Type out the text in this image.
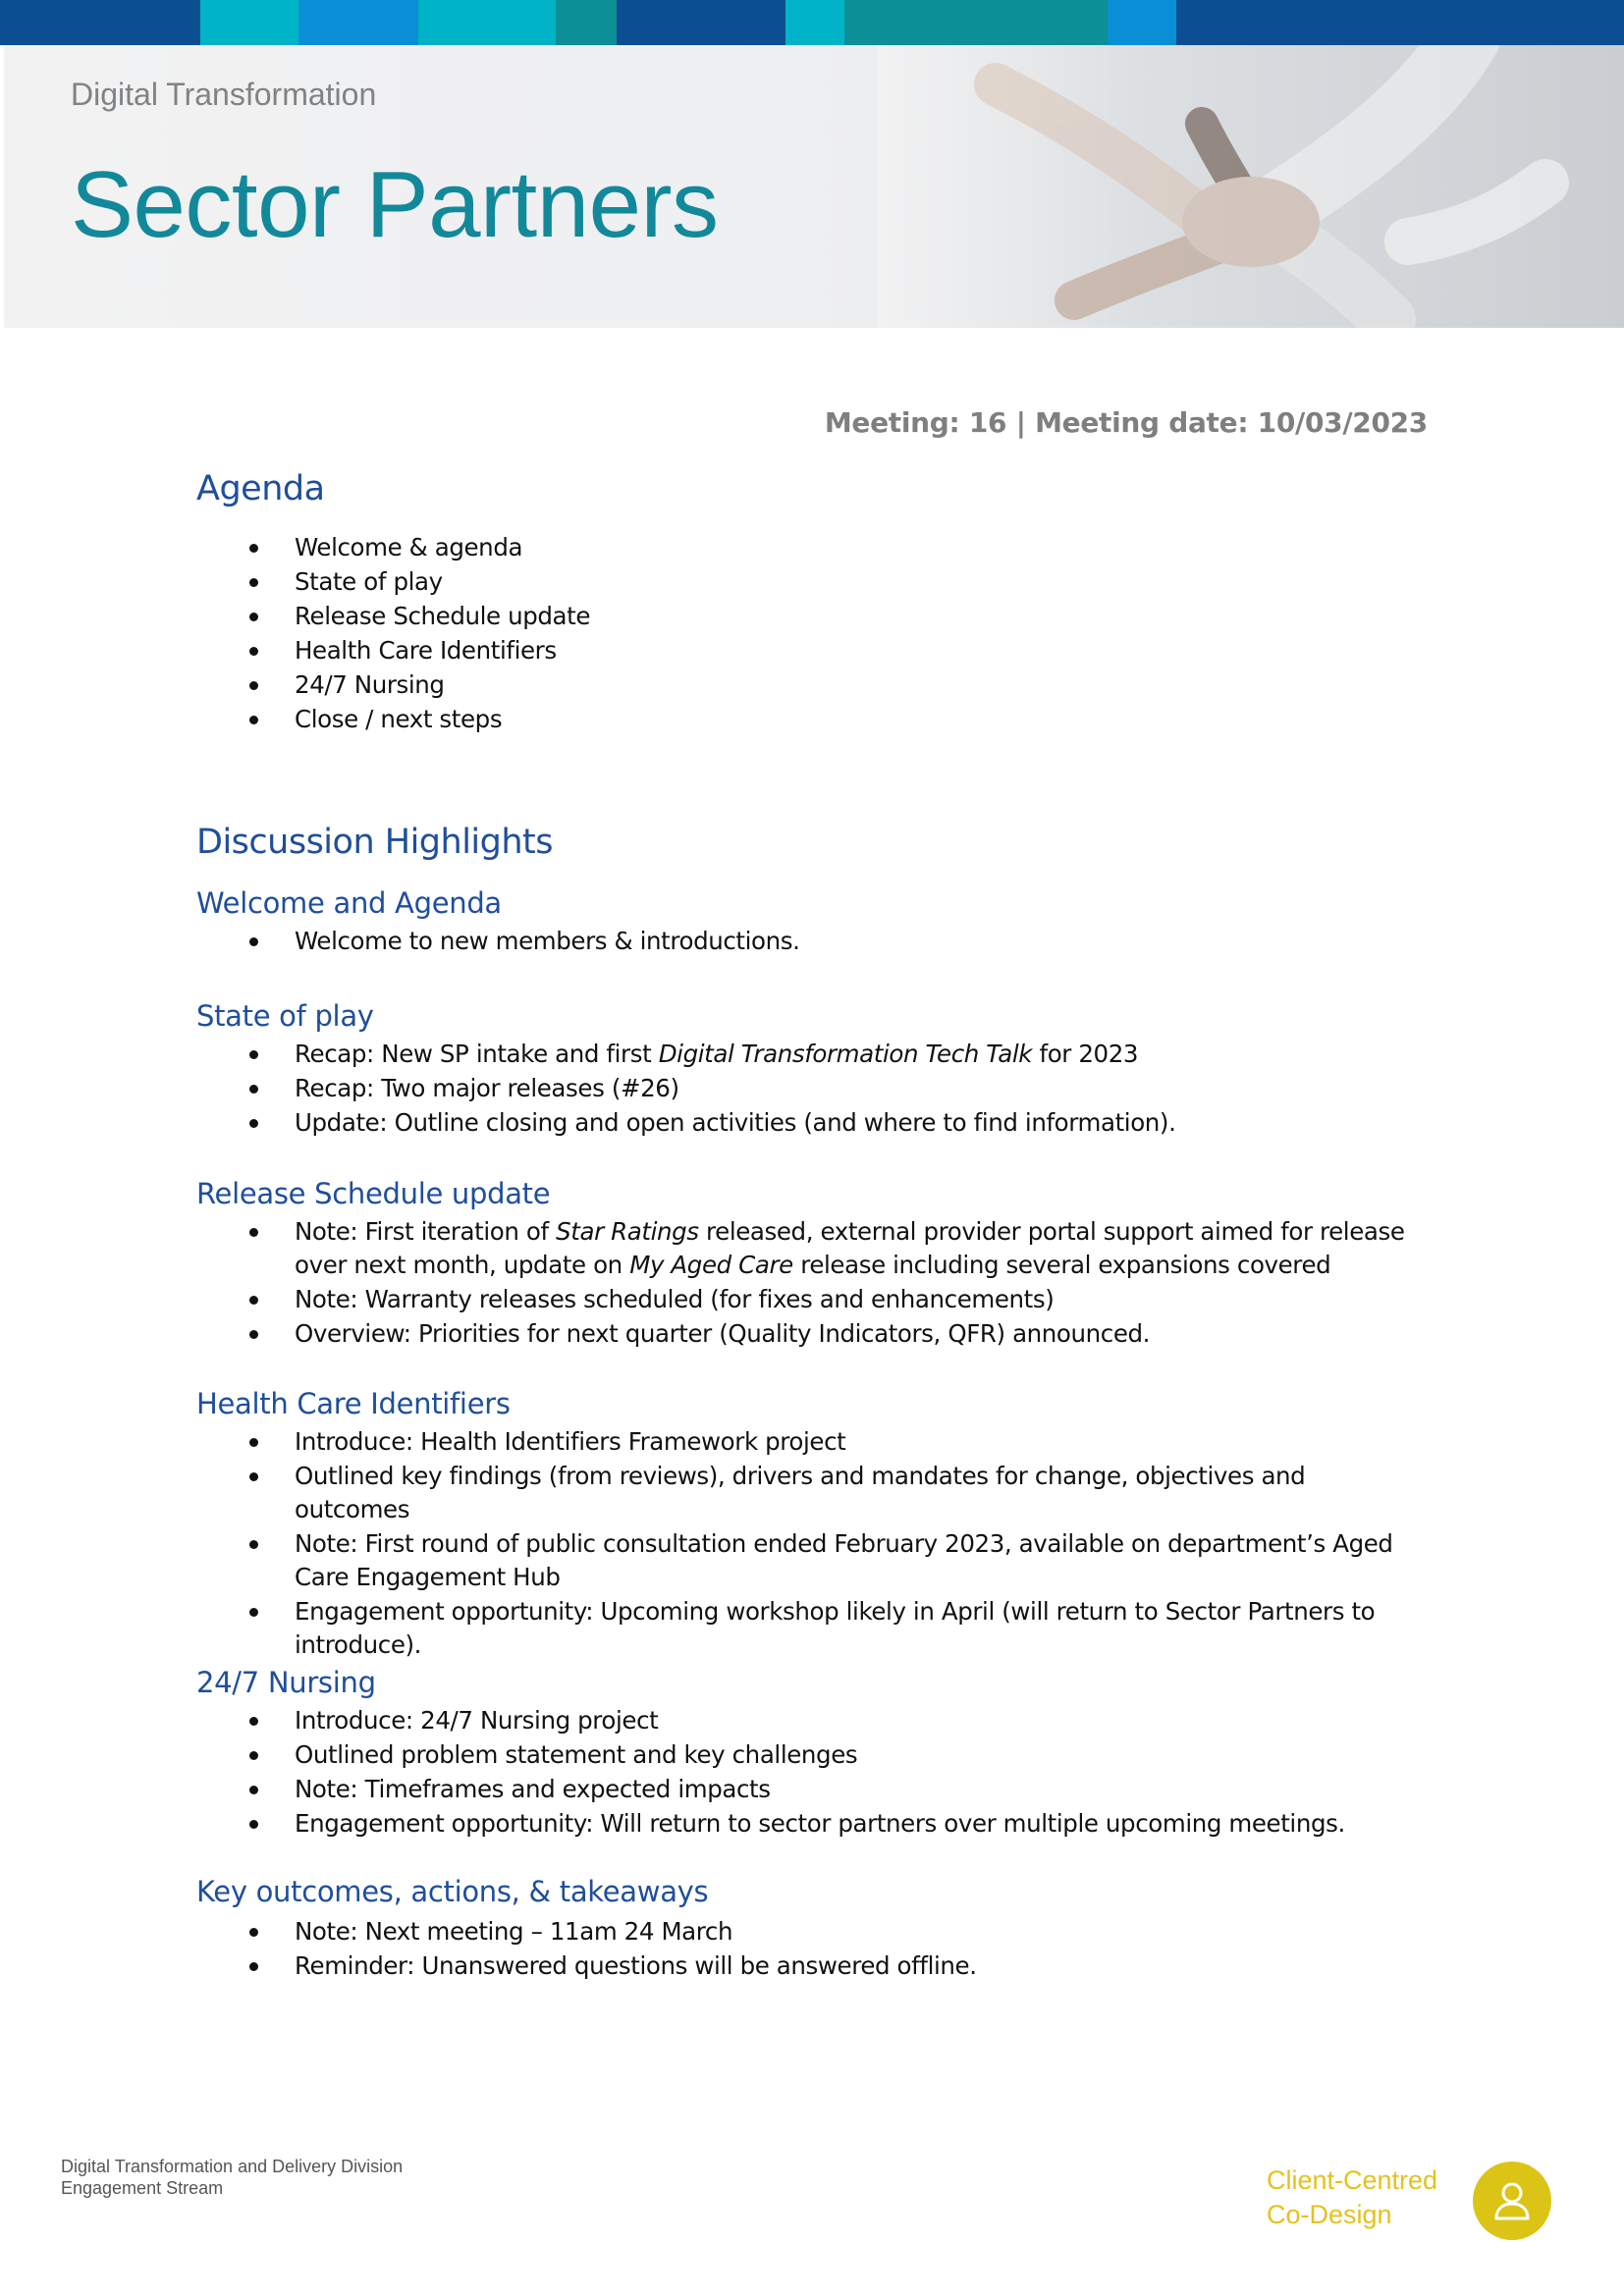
Digital Transformation
Sector Partners
Meeting: 16 | Meeting date: 10/03/2023
Agenda
Welcome & agenda
State of play
Release Schedule update
Health Care Identifiers
24/7 Nursing
Close / next steps
Discussion Highlights
Welcome and Agenda
Welcome to new members & introductions.
State of play
Recap: New SP intake and first Digital Transformation Tech Talk for 2023
Recap: Two major releases (#26)
Update: Outline closing and open activities (and where to find information).
Release Schedule update
Note: First iteration of Star Ratings released, external provider portal support aimed for release over next month, update on My Aged Care release including several expansions covered
Note: Warranty releases scheduled (for fixes and enhancements)
Overview: Priorities for next quarter (Quality Indicators, QFR) announced.
Health Care Identifiers
Introduce: Health Identifiers Framework project
Outlined key findings (from reviews), drivers and mandates for change, objectives and outcomes
Note: First round of public consultation ended February 2023, available on department’s Aged Care Engagement Hub
Engagement opportunity: Upcoming workshop likely in April (will return to Sector Partners to introduce).
24/7 Nursing
Introduce: 24/7 Nursing project
Outlined problem statement and key challenges
Note: Timeframes and expected impacts
Engagement opportunity: Will return to sector partners over multiple upcoming meetings.
Key outcomes, actions, & takeaways
Note: Next meeting – 11am 24 March
Reminder: Unanswered questions will be answered offline.
Digital Transformation and Delivery Division
Engagement Stream	Client-Centred
Co-Design
